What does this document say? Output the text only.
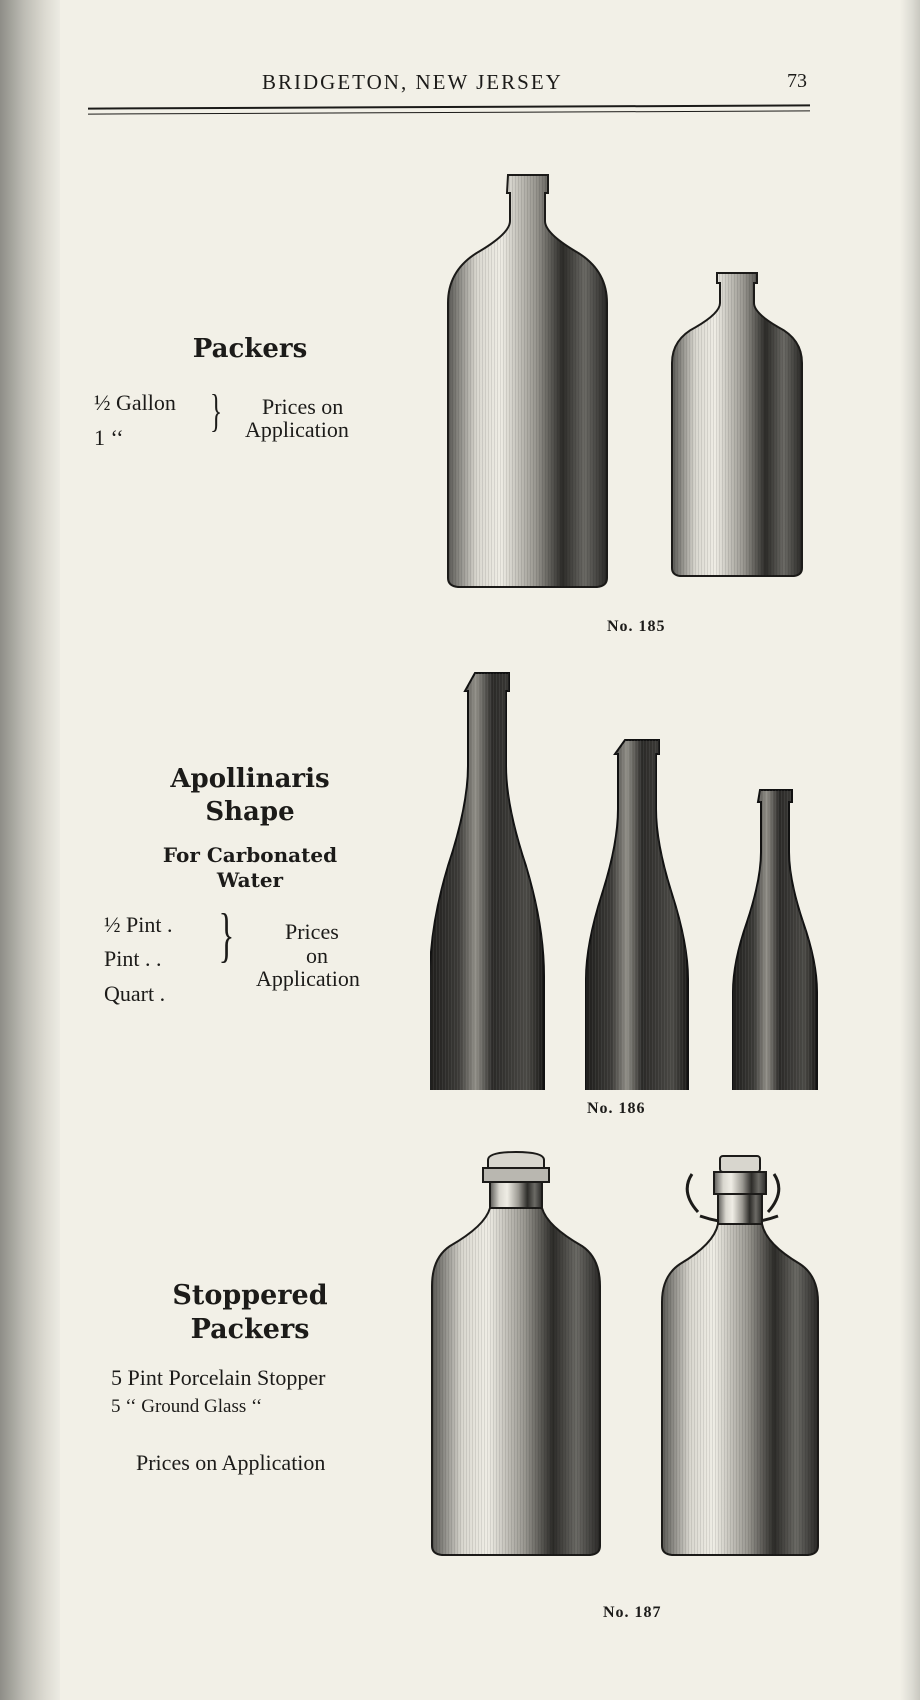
BRIDGETON, NEW JERSEY	73
Packers
½ Gallon
1 ‘‘
} Prices on
Application
No. 185
Apollinaris
Shape
For Carbonated
Water
½ Pint .
Pint . .
Quart .
} Prices
on
Application
No. 186
Stoppered
Packers
5 Pint Porcelain Stopper
5 ‘‘ Ground Glass ‘‘
Prices on Application
No. 187
